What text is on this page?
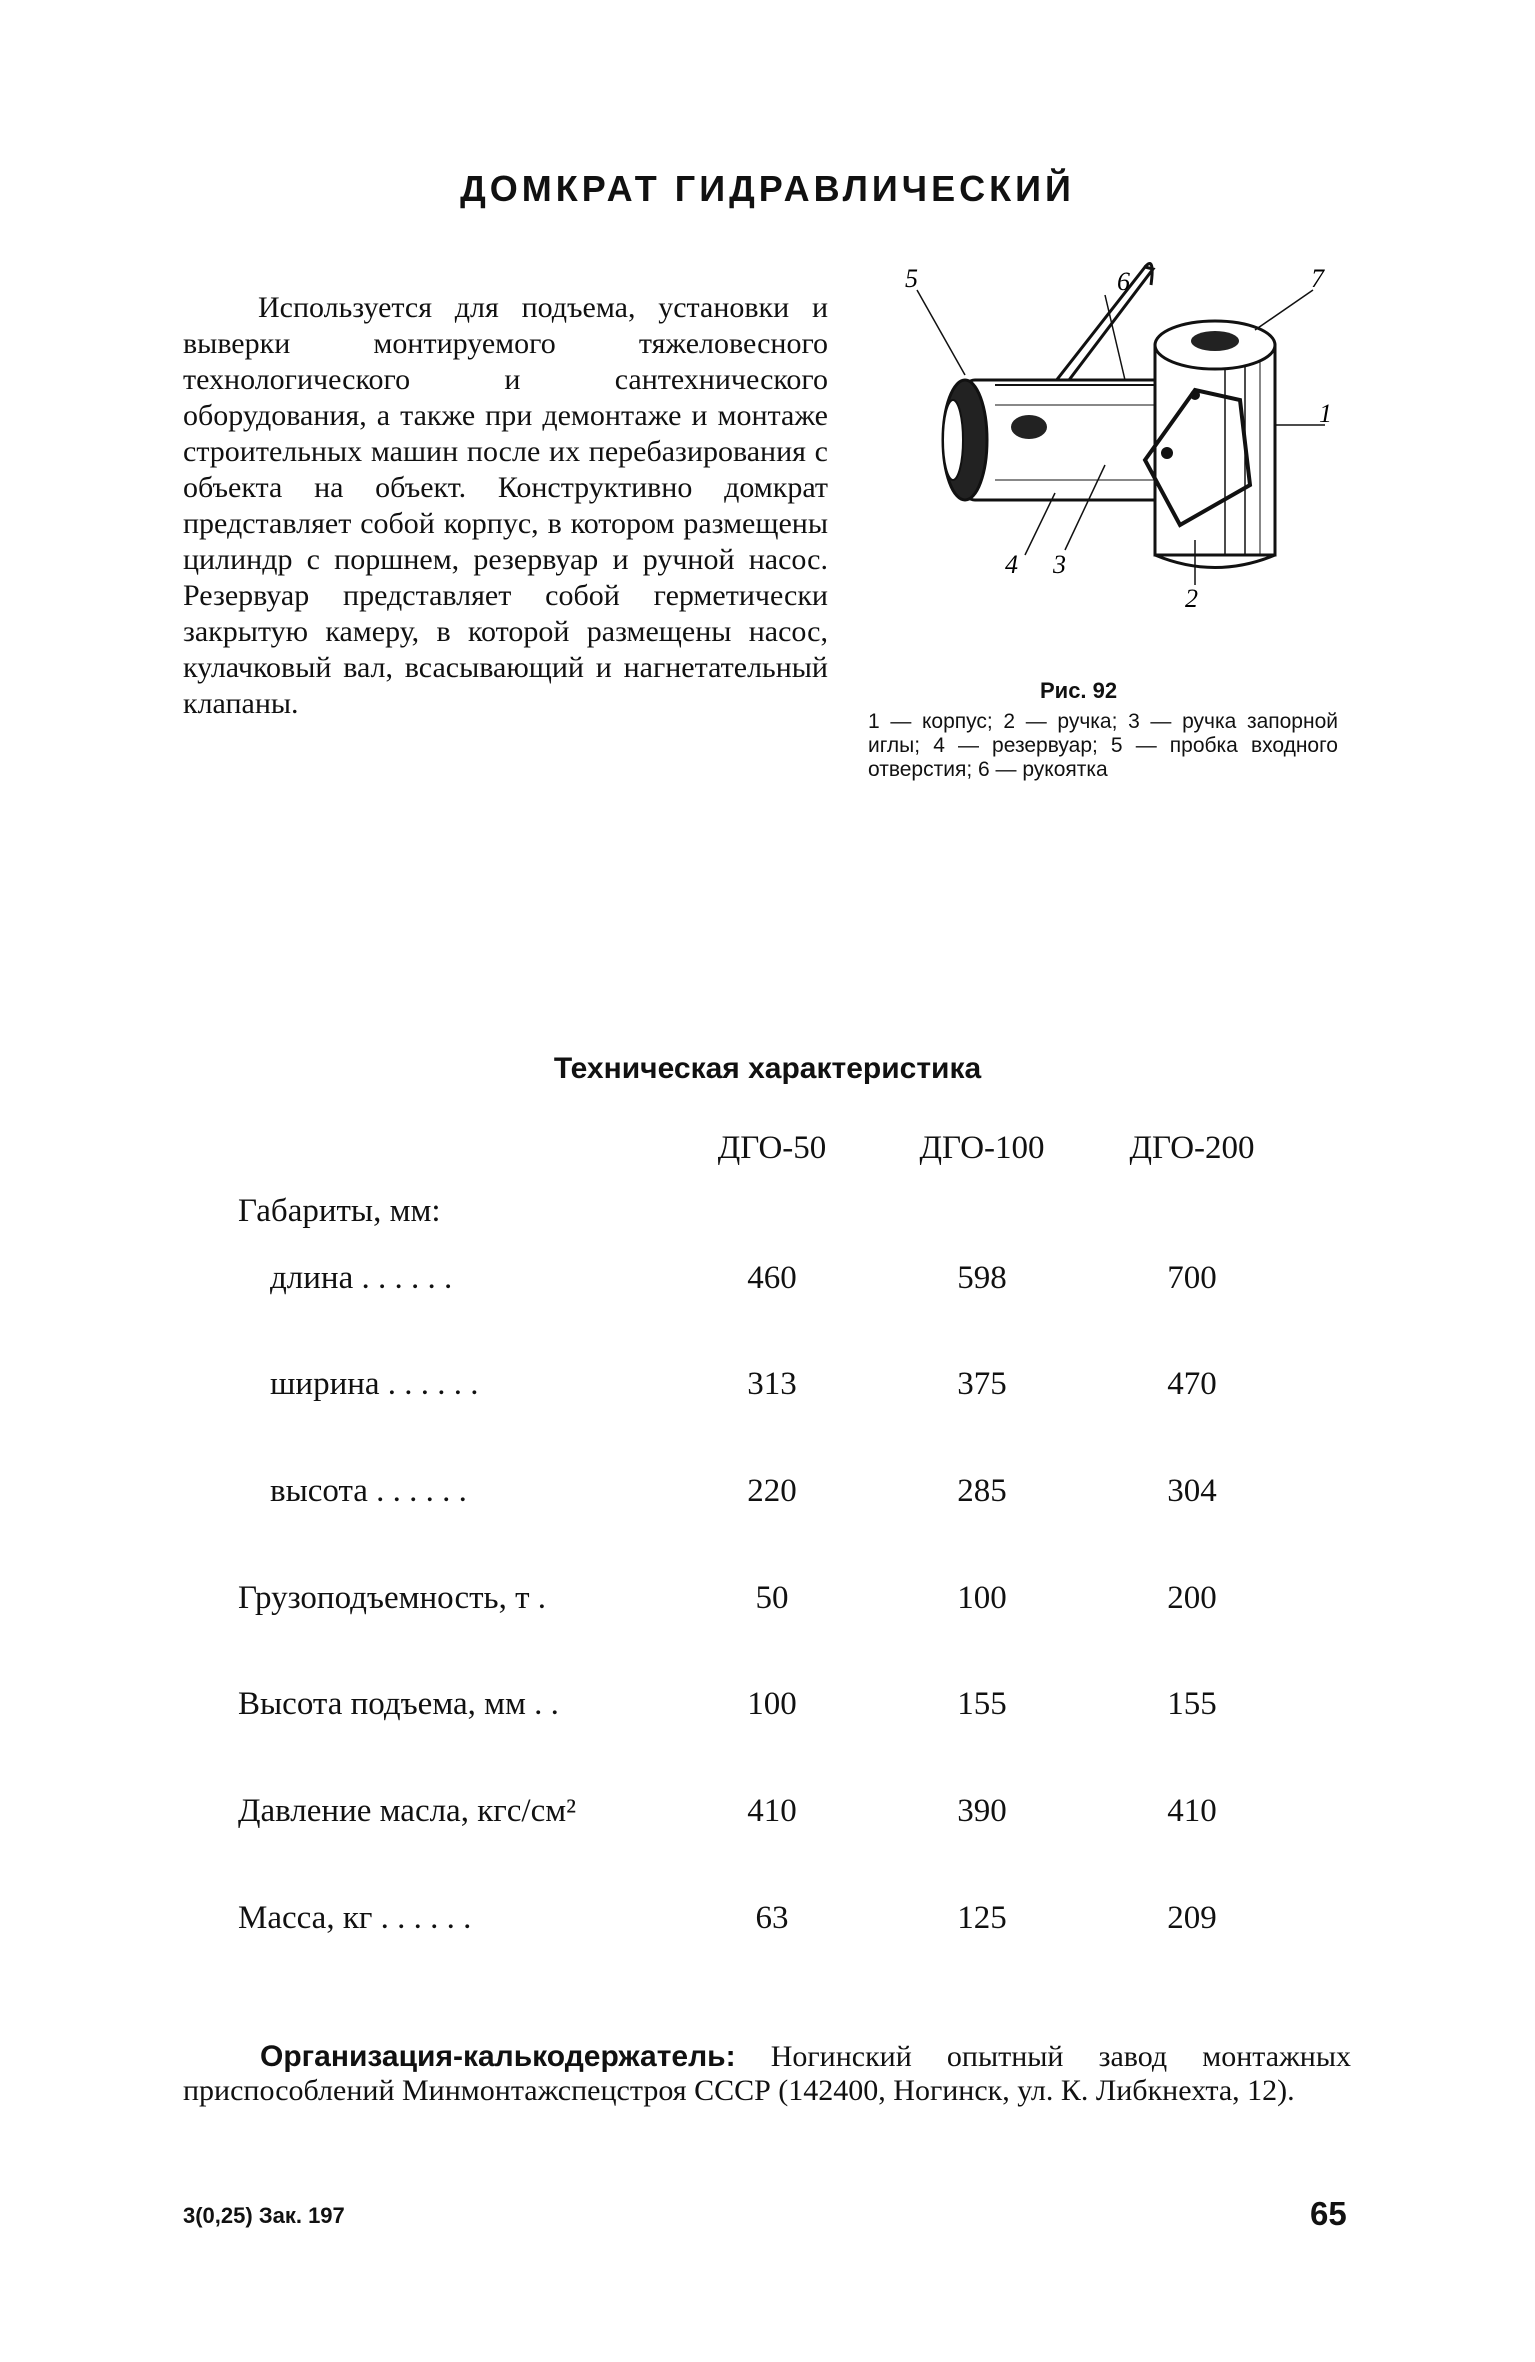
ДОМКРАТ ГИДРАВЛИЧЕСКИЙ
Используется для подъема, установки и выверки монтируемого тяжеловесного технологического и сантехнического оборудования, а также при демонтаже и монтаже строительных машин после их перебазирования с объекта на объект. Конструктивно домкрат представляет собой корпус, в котором размещены цилиндр с поршнем, резервуар и ручной насос. Резервуар представляет собой герметически закрытую камеру, в которой размещены насос, кулачковый вал, всасывающий и нагнетательный клапаны.
5	6	7
1
4 3
2
Рис. 92
1 — корпус; 2 — ручка; 3 — ручка запорной иглы; 4 — резервуар; 5 — пробка входного отверстия; 6 — рукоятка
Техническая характеристика
ДГО-50	ДГО-100	ДГО-200
Габариты, мм:
длина . . . . . .	460	598	700
ширина . . . . . .	313	375	470
высота . . . . . .	220	285	304
Грузоподъемность, т .	50	100	200
Высота подъема, мм . .	100	155	155
Давление масла, кгс/см²	410	390	410
Масса, кг . . . . . .	63	125	209
Организация-калькодержатель: Ногинский опытный завод монтажных приспособлений Минмонтажспецстроя СССР (142400, Ногинск, ул. К. Либкнехта, 12).
3(0,25) Зак. 197	65
